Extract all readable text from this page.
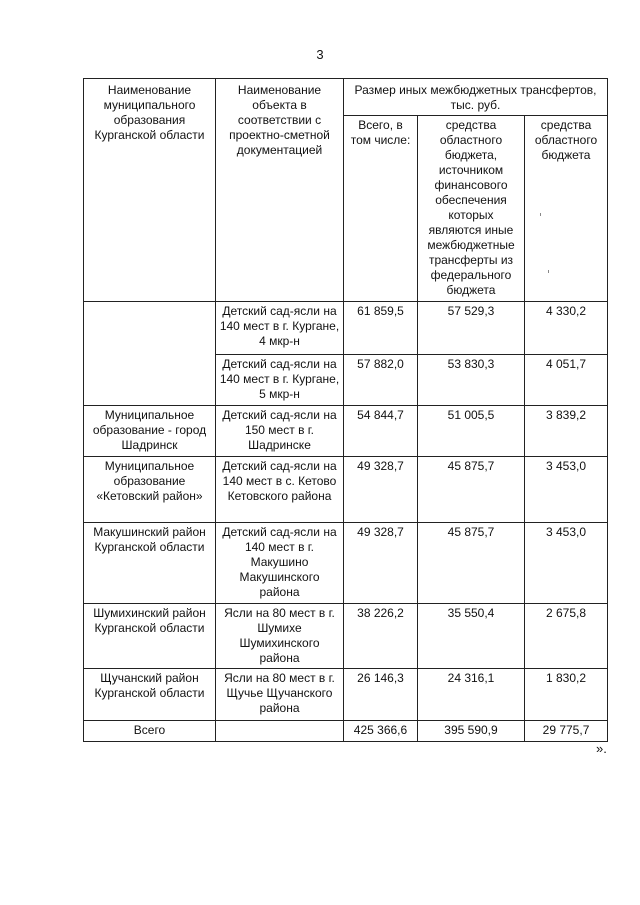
3
Наименование муниципального образования Курганской области	Наименование объекта в соответствии с проектно-сметной документацией	Размер иных межбюджетных трансфертов, тыс. руб.		
		Всего, в том числе:	средства областного бюджета, источником финансового обеспечения которых являются иные межбюджетные трансферты из федерального бюджета	средства областного бюджета
	Детский сад-ясли на 140 мест в г. Кургане, 4 мкр-н	61 859,5	57 529,3	4 330,2
	Детский сад-ясли на 140 мест в г. Кургане, 5 мкр-н	57 882,0	53 830,3	4 051,7
Муниципальное образование - город Шадринск	Детский сад-ясли на 150 мест в г. Шадринске	54 844,7	51 005,5	3 839,2
Муниципальное образование «Кетовский район»	Детский сад-ясли на 140 мест в с. Кетово Кетовского района	49 328,7	45 875,7	3 453,0
Макушинский район Курганской области	Детский сад-ясли на 140 мест в г. Макушино Макушинского района	49 328,7	45 875,7	3 453,0
Шумихинский район Курганской области	Ясли на 80 мест в г. Шумихе Шумихинского района	38 226,2	35 550,4	2 675,8
Щучанский район Курганской области	Ясли на 80 мест в г. Щучье Щучанского района	26 146,3	24 316,1	1 830,2
Всего		425 366,6	395 590,9	29 775,7
».
